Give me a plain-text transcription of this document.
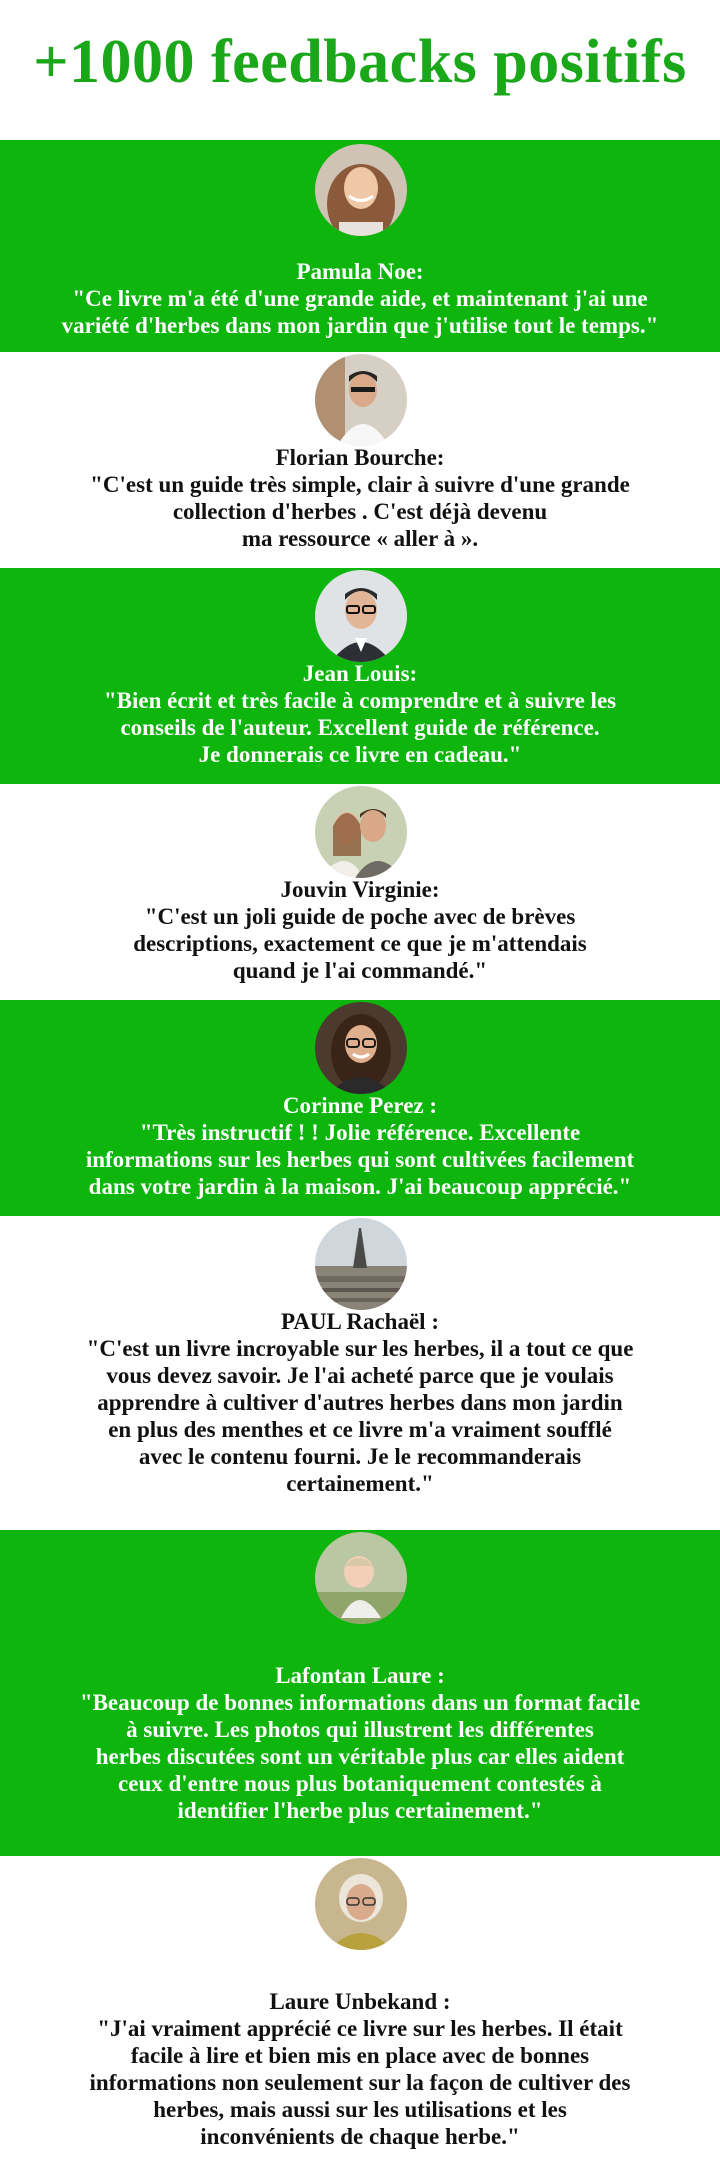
+1000 feedbacks positifs
Pamula Noe:
"Ce livre m'a été d'une grande aide, et maintenant j'ai une
variété d'herbes dans mon jardin que j'utilise tout le temps."
Florian Bourche:
"C'est un guide très simple, clair à suivre d'une grande
collection d'herbes . C'est déjà devenu
ma ressource « aller à ».
Jean Louis:
"Bien écrit et très facile à comprendre et à suivre les
conseils de l'auteur. Excellent guide de référence.
Je donnerais ce livre en cadeau."
Jouvin Virginie:
"C'est un joli guide de poche avec de brèves
descriptions, exactement ce que je m'attendais
quand je l'ai commandé."
Corinne Perez :
"Très instructif ! ! Jolie référence. Excellente
informations sur les herbes qui sont cultivées facilement
dans votre jardin à la maison. J'ai beaucoup apprécié."
PAUL Rachaël :
"C'est un livre incroyable sur les herbes, il a tout ce que
vous devez savoir. Je l'ai acheté parce que je voulais
apprendre à cultiver d'autres herbes dans mon jardin
en plus des menthes et ce livre m'a vraiment soufflé
avec le contenu fourni. Je le recommanderais
certainement."
Lafontan Laure :
"Beaucoup de bonnes informations dans un format facile
à suivre. Les photos qui illustrent les différentes
herbes discutées sont un véritable plus car elles aident
ceux d'entre nous plus botaniquement contestés à
identifier l'herbe plus certainement."
Laure Unbekand :
"J'ai vraiment apprécié ce livre sur les herbes. Il était
facile à lire et bien mis en place avec de bonnes
informations non seulement sur la façon de cultiver des
herbes, mais aussi sur les utilisations et les
inconvénients de chaque herbe."
